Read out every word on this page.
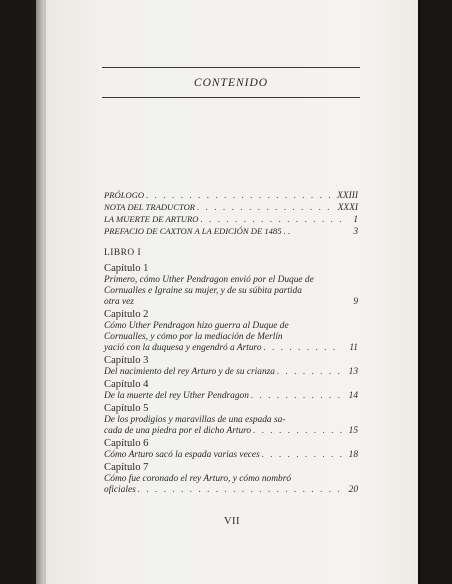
CONTENIDO
PRÓLOGO . . .	XXIII
NOTA DEL TRADUCTOR . . .	XXXI
LA MUERTE DE ARTURO . . .	1
PREFACIO DE CAXTON A LA EDICIÓN DE 1485 . .	3
LIBRO I
Capítulo 1
Primero, cómo Uther Pendragon envió por el Duque de
Cornualles e Igraine su mujer, y de su súbita partida
otra vez	9
Capítulo 2
Cómo Uther Pendragon hizo guerra al Duque de
Cornualles, y cómo por la mediación de Merlín
yació con la duquesa y engendró a Arturo . . .	11
Capítulo 3
Del nacimiento del rey Arturo y de su crianza . . .	13
Capítulo 4
De la muerte del rey Uther Pendragon . . .	14
Capítulo 5
De los prodigios y maravillas de una espada sa-
cada de una piedra por el dicho Arturo . . .	15
Capítulo 6
Cómo Arturo sacó la espada varias veces . . .	18
Capítulo 7
Cómo fue coronado el rey Arturo, y cómo nombró
oficiales . . .	20
VII
